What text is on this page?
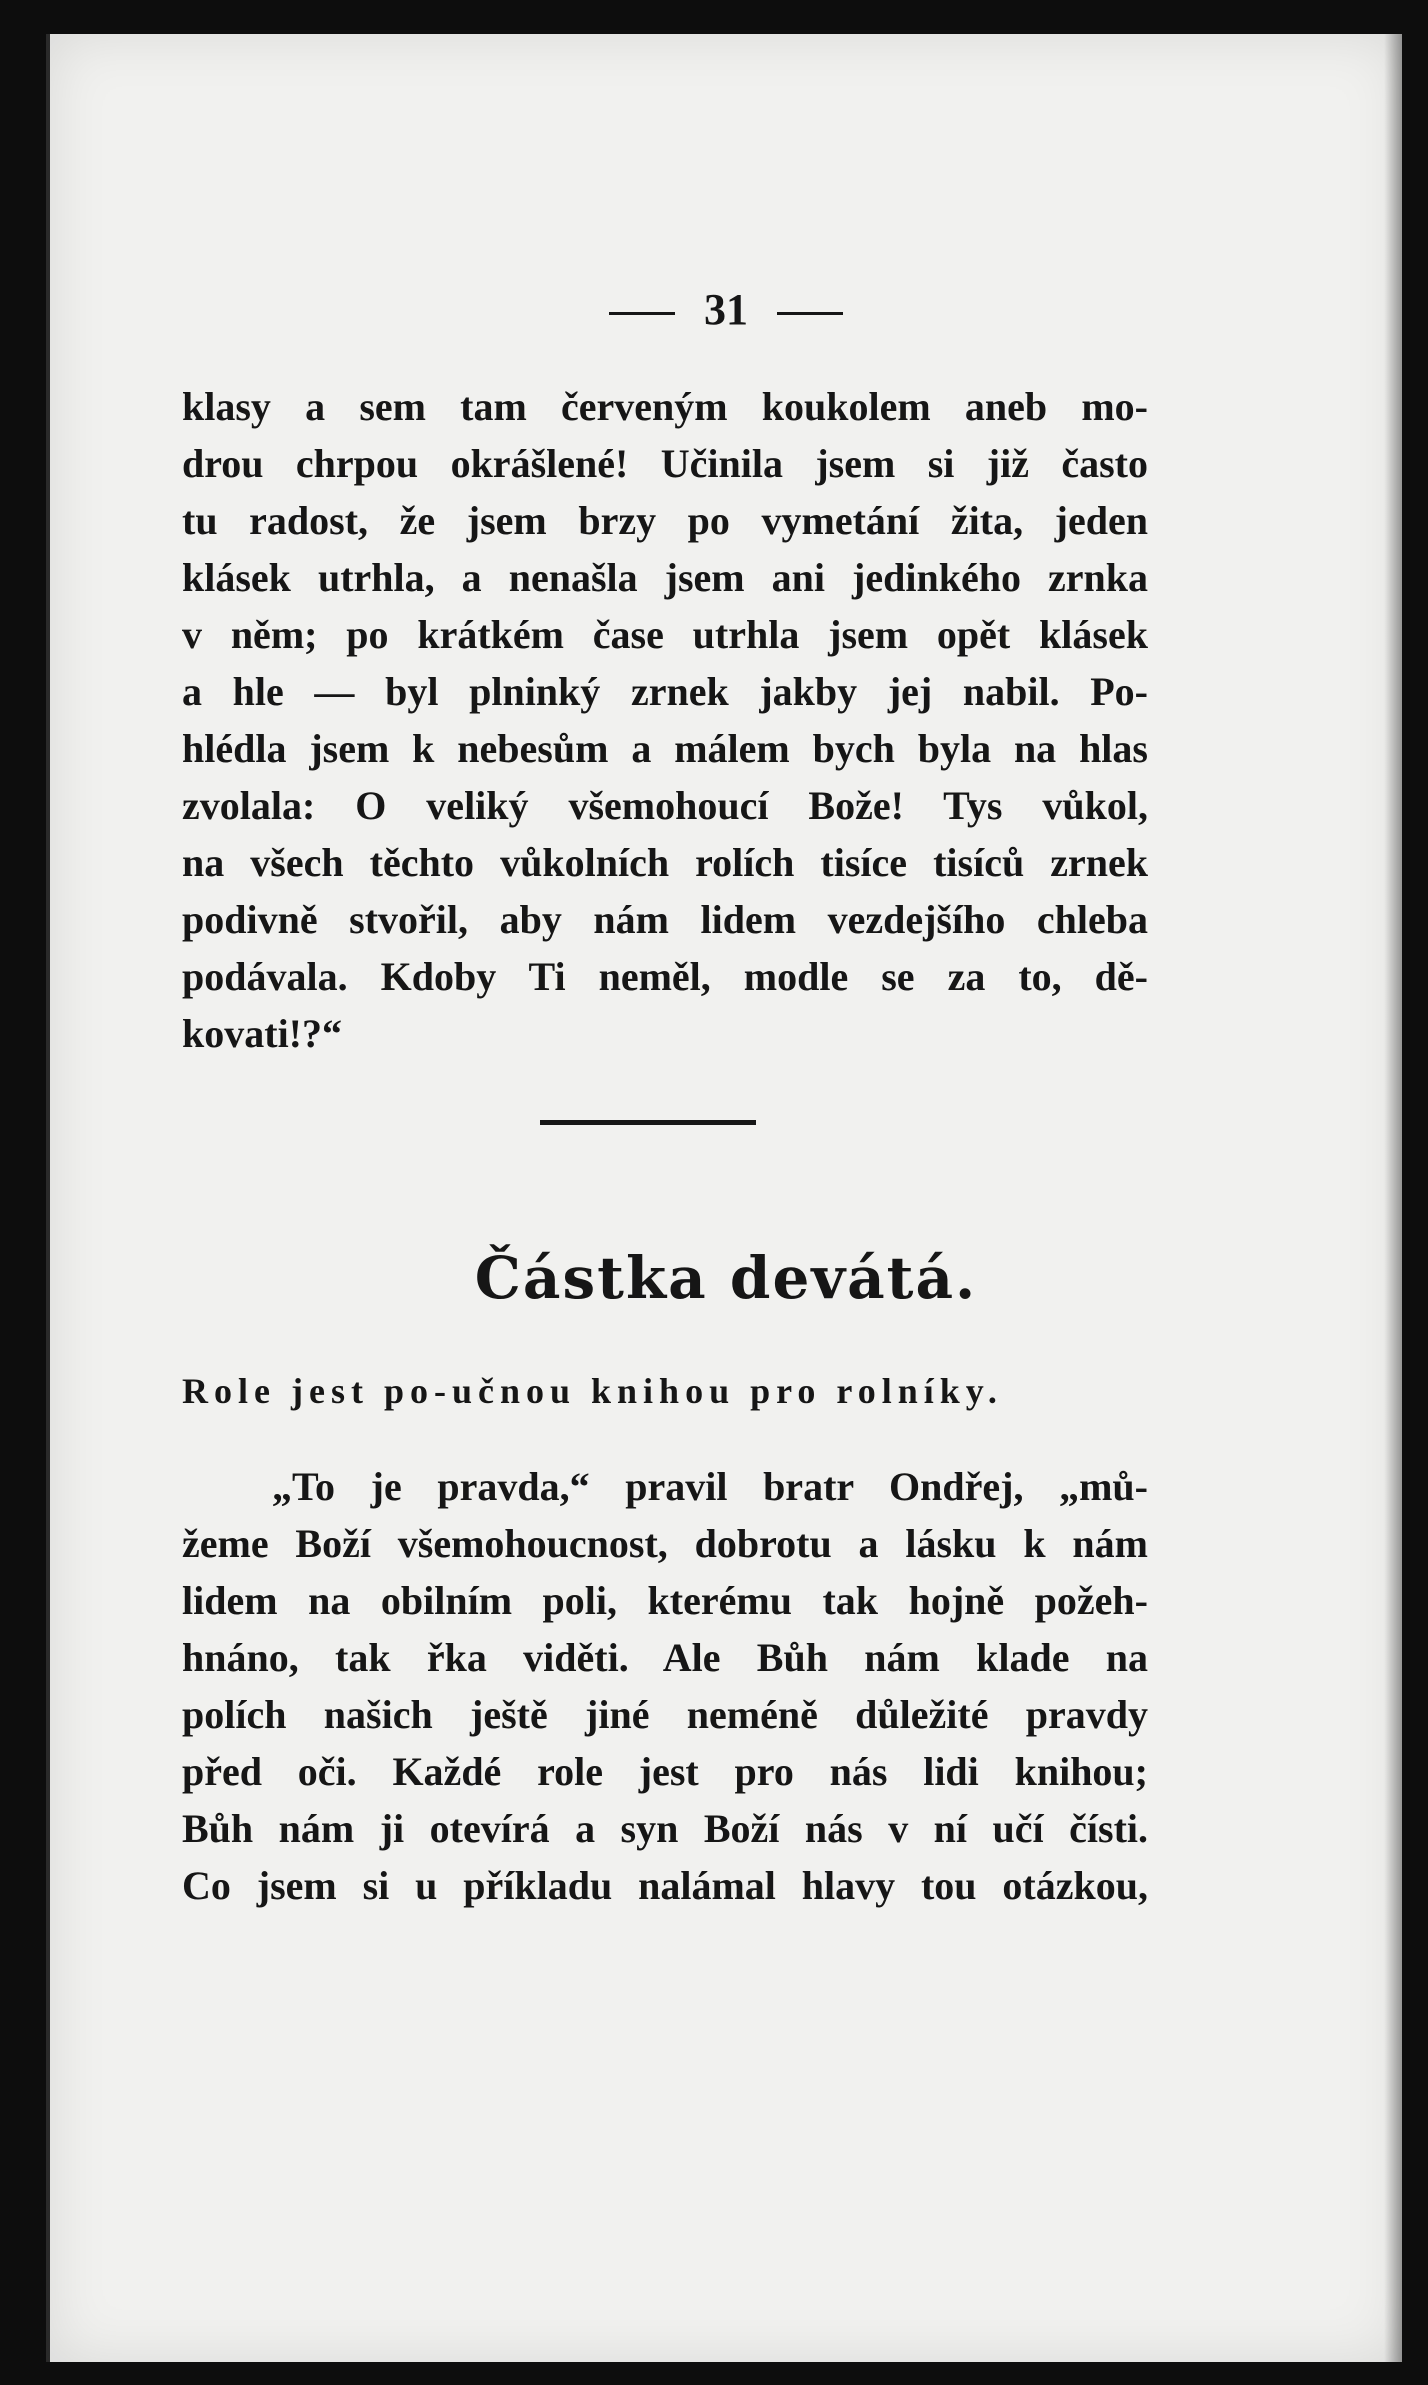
31
klasy a sem tam červeným koukolem aneb mo-
drou chrpou okrášlené! Učinila jsem si již často
tu radost, že jsem brzy po vymetání žita, jeden
klásek utrhla, a nenašla jsem ani jedinkého zrnka
v něm; po krátkém čase utrhla jsem opět klásek
a hle — byl plninký zrnek jakby jej nabil. Po-
hlédla jsem k nebesům a málem bych byla na hlas
zvolala: O veliký všemohoucí Bože! Tys vůkol,
na všech těchto vůkolních rolích tisíce tisíců zrnek
podivně stvořil, aby nám lidem vezdejšího chleba
podávala. Kdoby Ti neměl, modle se za to, dě-
kovati!?“
Částka devátá.
Role jest po-učnou knihou pro rolníky.
„To je pravda,“ pravil bratr Ondřej, „mů-
žeme Boží všemohoucnost, dobrotu a lásku k nám
lidem na obilním poli, kterému tak hojně požeh-
hnáno, tak řka viděti. Ale Bůh nám klade na
polích našich ještě jiné neméně důležité pravdy
před oči. Každé role jest pro nás lidi knihou;
Bůh nám ji otevírá a syn Boží nás v ní učí čísti.
Co jsem si u příkladu nalámal hlavy tou otázkou,
